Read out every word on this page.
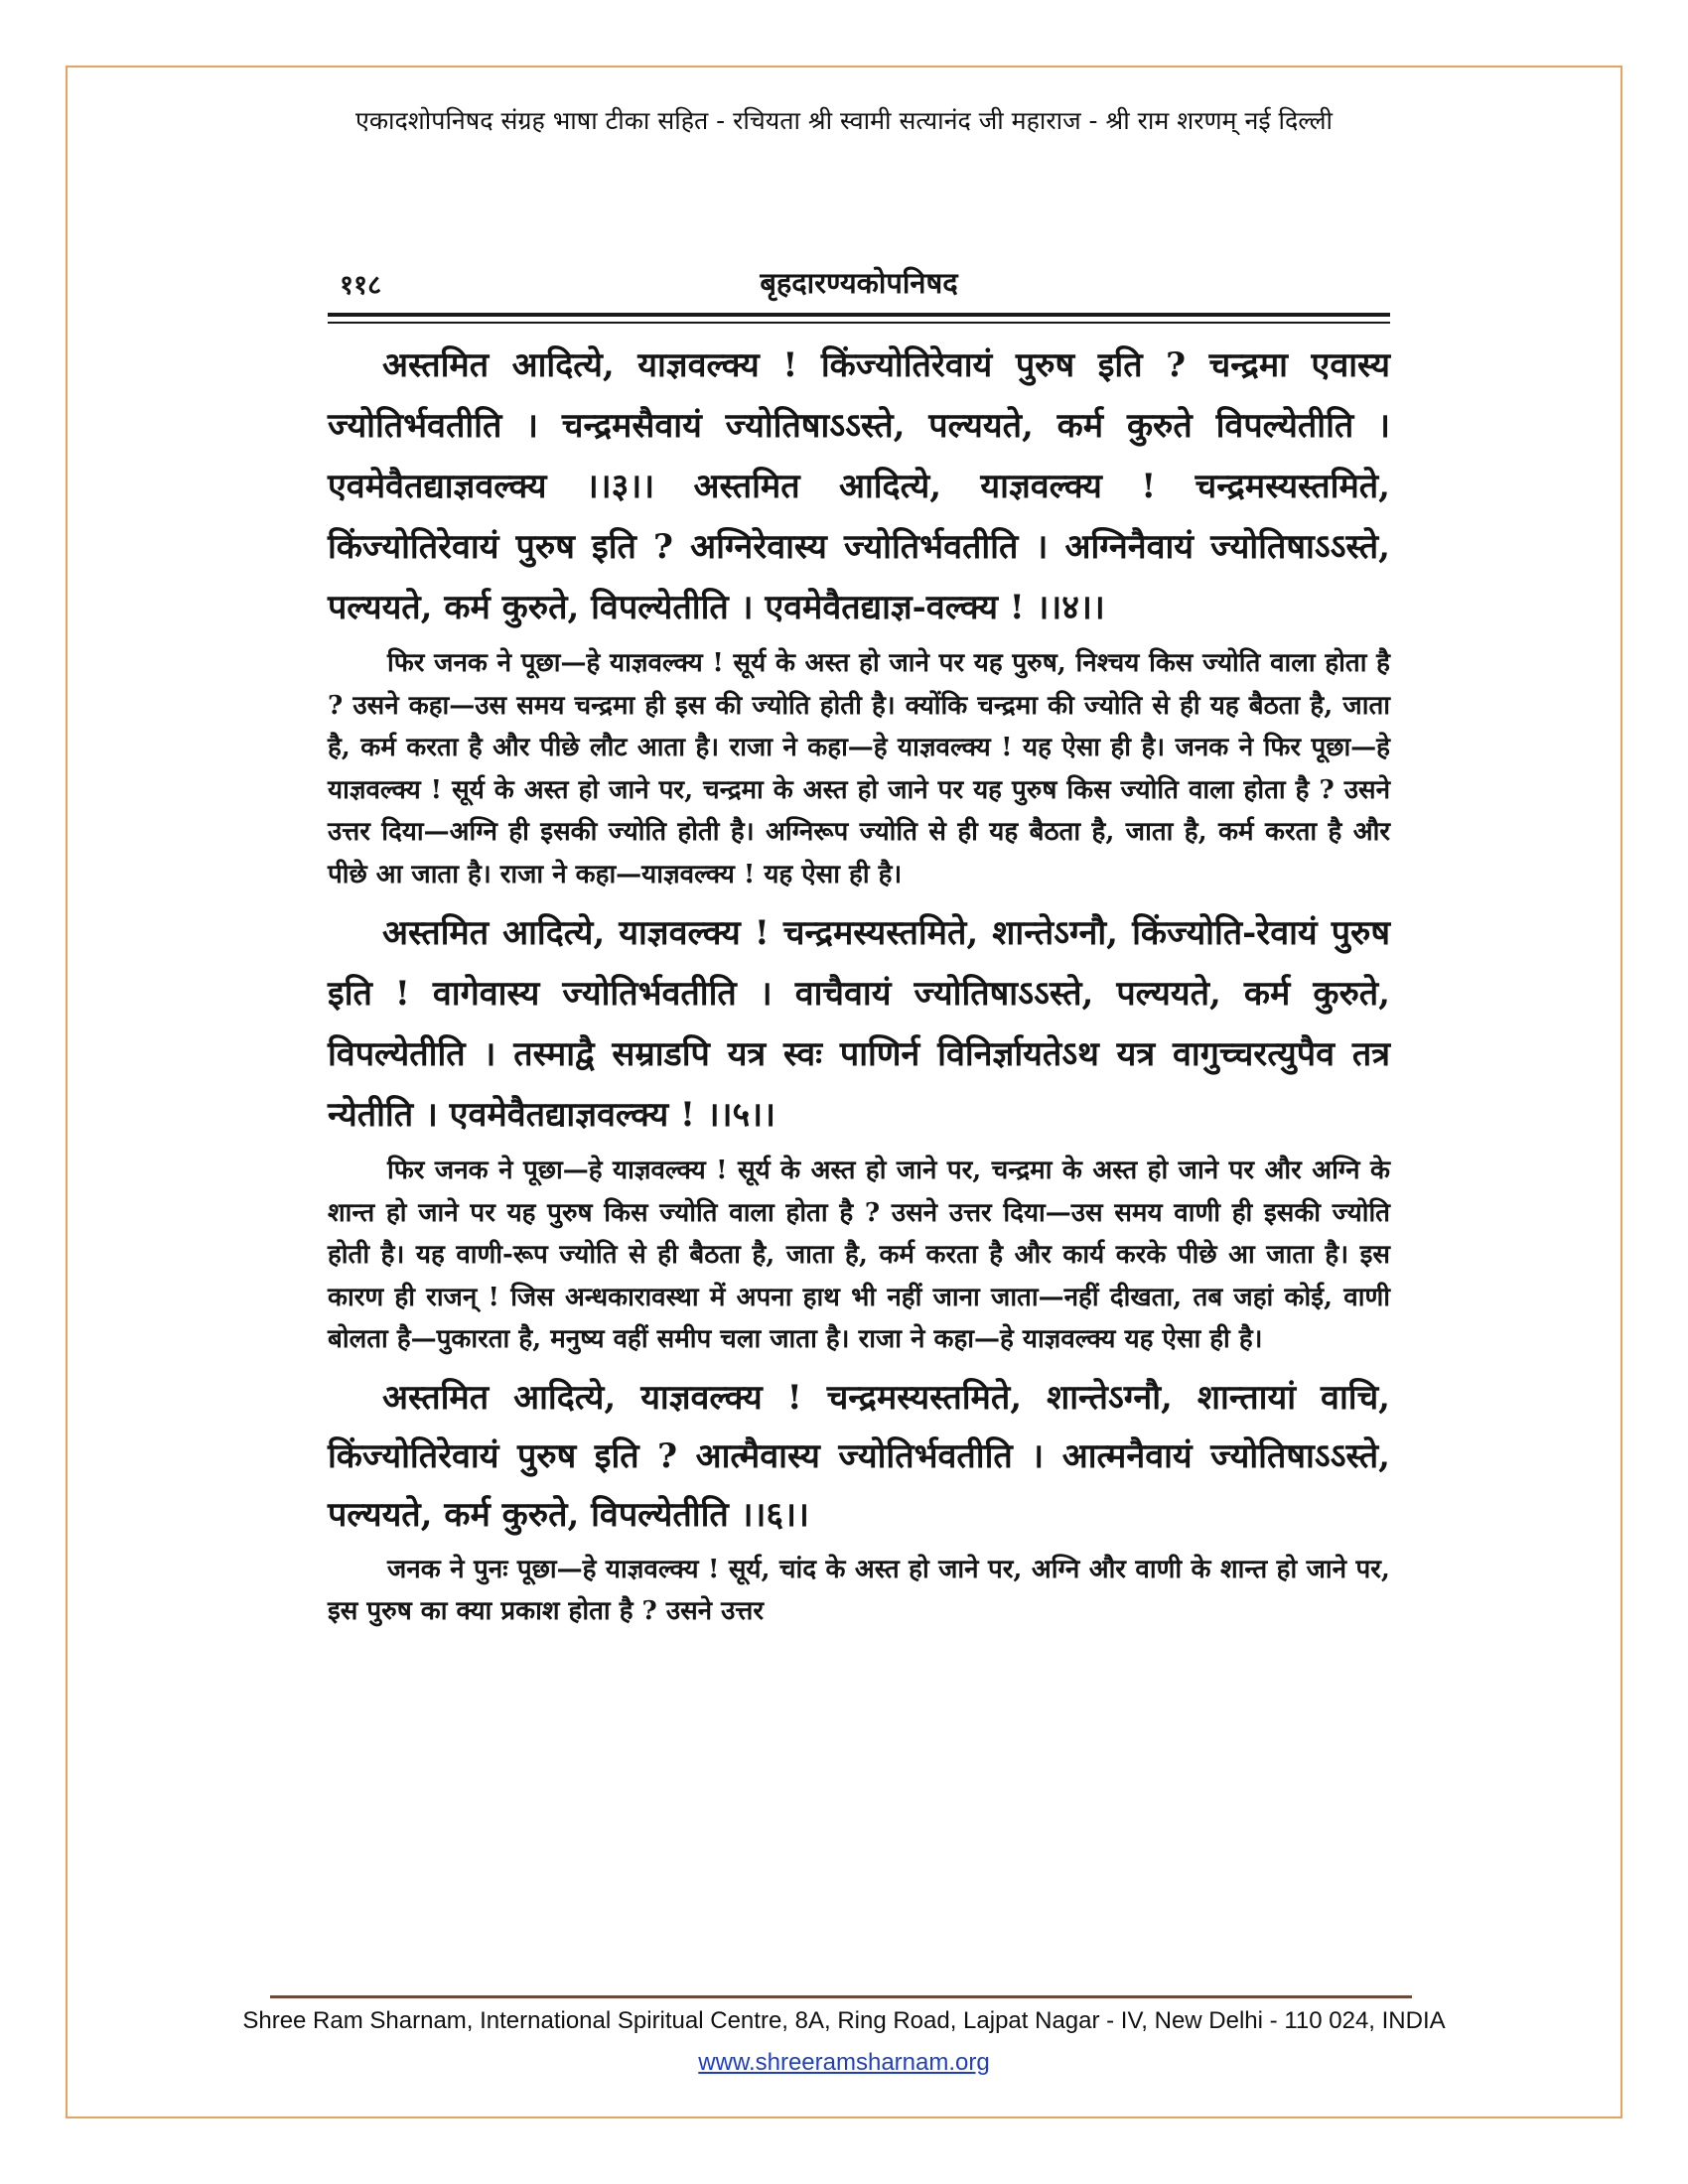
एकादशोपनिषद संग्रह भाषा टीका सहित - रचियता श्री स्वामी सत्यानंद जी महाराज - श्री राम शरणम् नई दिल्ली
११८	बृहदारण्यकोपनिषद

अस्तमित आदित्ये, याज्ञवल्क्य ! किंज्योतिरेवायं पुरुष इति ? चन्द्रमा एवास्य ज्योतिर्भवतीति । चन्द्रमसैवायं ज्योतिषाऽऽस्ते, पल्ययते, कर्म कुरुते विपल्येतीति । एवमेवैतद्याज्ञवल्क्य ।।३।। अस्तमित आदित्ये, याज्ञवल्क्य ! चन्द्रमस्यस्तमिते, किंज्योतिरेवायं पुरुष इति ? अग्निरेवास्य ज्योतिर्भवतीति । अग्निनैवायं ज्योतिषाऽऽस्ते, पल्ययते, कर्म कुरुते, विपल्येतीति । एवमेवैतद्याज्ञ-वल्क्य ! ।।४।।

फिर जनक ने पूछा—हे याज्ञवल्क्य ! सूर्य के अस्त हो जाने पर यह पुरुष, निश्चय किस ज्योति वाला होता है ? उसने कहा—उस समय चन्द्रमा ही इस की ज्योति होती है। क्योंकि चन्द्रमा की ज्योति से ही यह बैठता है, जाता है, कर्म करता है और पीछे लौट आता है। राजा ने कहा—हे याज्ञवल्क्य ! यह ऐसा ही है। जनक ने फिर पूछा—हे याज्ञवल्क्य ! सूर्य के अस्त हो जाने पर, चन्द्रमा के अस्त हो जाने पर यह पुरुष किस ज्योति वाला होता है ? उसने उत्तर दिया—अग्नि ही इसकी ज्योति होती है। अग्निरूप ज्योति से ही यह बैठता है, जाता है, कर्म करता है और पीछे आ जाता है। राजा ने कहा—याज्ञवल्क्य ! यह ऐसा ही है।

अस्तमित आदित्ये, याज्ञवल्क्य ! चन्द्रमस्यस्तमिते, शान्तेऽग्नौ, किंज्योति-रेवायं पुरुष इति ! वागेवास्य ज्योतिर्भवतीति । वाचैवायं ज्योतिषाऽऽस्ते, पल्ययते, कर्म कुरुते, विपल्येतीति । तस्माद्वै सम्राडपि यत्र स्वः पाणिर्न विनिर्ज्ञायतेऽथ यत्र वागुच्चरत्युपैव तत्र न्येतीति । एवमेवैतद्याज्ञवल्क्य ! ।।५।।

फिर जनक ने पूछा—हे याज्ञवल्क्य ! सूर्य के अस्त हो जाने पर, चन्द्रमा के अस्त हो जाने पर और अग्नि के शान्त हो जाने पर यह पुरुष किस ज्योति वाला होता है ? उसने उत्तर दिया—उस समय वाणी ही इसकी ज्योति होती है। यह वाणी-रूप ज्योति से ही बैठता है, जाता है, कर्म करता है और कार्य करके पीछे आ जाता है। इस कारण ही राजन् ! जिस अन्धकारावस्था में अपना हाथ भी नहीं जाना जाता—नहीं दीखता, तब जहां कोई, वाणी बोलता है—पुकारता है, मनुष्य वहीं समीप चला जाता है। राजा ने कहा—हे याज्ञवल्क्य यह ऐसा ही है।

अस्तमित आदित्ये, याज्ञवल्क्य ! चन्द्रमस्यस्तमिते, शान्तेऽग्नौ, शान्तायां वाचि, किंज्योतिरेवायं पुरुष इति ? आत्मैवास्य ज्योतिर्भवतीति । आत्मनैवायं ज्योतिषाऽऽस्ते, पल्ययते, कर्म कुरुते, विपल्येतीति ।।६।।

जनक ने पुनः पूछा—हे याज्ञवल्क्य ! सूर्य, चांद के अस्त हो जाने पर, अग्नि और वाणी के शान्त हो जाने पर, इस पुरुष का क्या प्रकाश होता है ? उसने उत्तर

Shree Ram Sharnam, International Spiritual Centre, 8A, Ring Road, Lajpat Nagar - IV, New Delhi - 110 024, INDIA
www.shreeramsharnam.org
